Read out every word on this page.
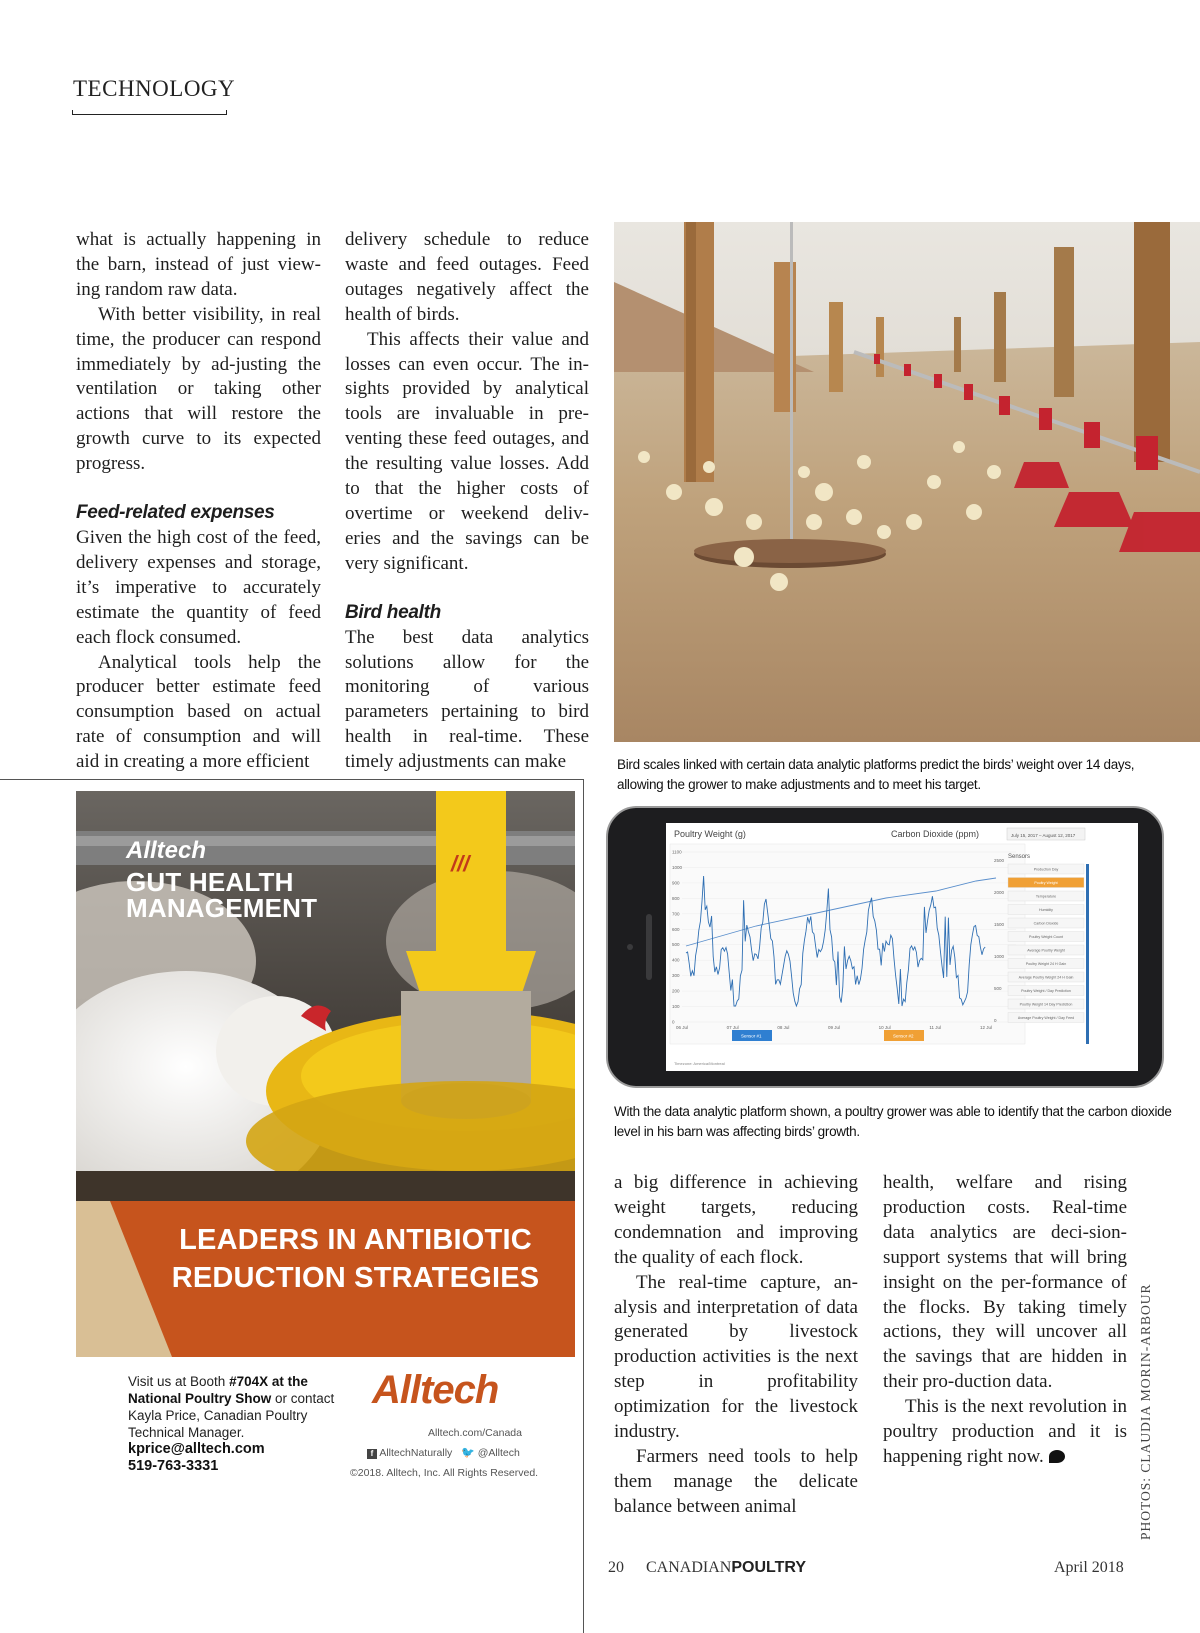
TECHNOLOGY

what is actually happening in the barn, instead of just view-ing random raw data.

With better visibility, in real time, the producer can respond immediately by ad-justing the ventilation or taking other actions that will restore the growth curve to its expected progress.

Feed-related expenses

Given the high cost of the feed, delivery expenses and storage, it’s imperative to accurately estimate the quantity of feed each flock consumed.

Analytical tools help the producer better estimate feed consumption based on actual rate of consumption and will aid in creating a more efficient

delivery schedule to reduce waste and feed outages. Feed outages negatively affect the health of birds.

This affects their value and losses can even occur. The in-sights provided by analytical tools are invaluable in pre-venting these feed outages, and the resulting value losses. Add to that the higher costs of overtime or weekend deliv-eries and the savings can be very significant.

Bird health

The best data analytics solutions allow for the monitoring of various parameters pertaining to bird health in real-time. These timely adjustments can make	Bird scales linked with certain data analytic platforms predict the birds’ weight over 14 days, allowing the grower to make adjustments and to meet his target.
Poultry Weight (g)	Carbon Dioxide (ppm)	July 15, 2017 – August 12, 2017
1100
1000
900
800
700
600
500
400
300
200
100
0
2500
2000
1500
1000
500
0
06 Jul	07 Jul	08 Jul	09 Jul	10 Jul	11 Jul	12 Jul
Sensor #1	Sensor #2
Timezone: America/Montreal
Sensors
Production Day
Poultry Weight
Temperature
Humidity
Carbon Dioxide
Poultry Weight Count
Average Poultry Weight
Poultry Weight 24 H Gain
Average Poultry Weight 24 H Gain
Poultry Weight / Day Prediction
Poultry Weight 14 Day Prediction
Average Poultry Weight / Day Feed
With the data analytic platform shown, a poultry grower was able to identify that the carbon dioxide level in his barn was affecting birds’ growth.
///
Alltech
GUT HEALTH
MANAGEMENT
LEADERS IN ANTIBIOTIC
REDUCTION STRATEGIES
Visit us at Booth #704X at the National Poultry Show or contact Kayla Price, Canadian Poultry Technical Manager.
kprice@alltech.com
519-763-3331
Alltech
Alltech.com/Canada
f AlltechNaturally 🐦 @Alltech
©2018. Alltech, Inc. All Rights Reserved.

a big difference in achieving weight targets, reducing condemnation and improving the quality of each flock.

The real-time capture, an-alysis and interpretation of data generated by livestock production activities is the next step in profitability optimization for the livestock industry.

Farmers need tools to help them manage the delicate balance between animal

health, welfare and rising production costs. Real-time data analytics are deci-sion-support systems that will bring insight on the per-formance of the flocks. By taking timely actions, they will uncover all the savings that are hidden in their pro-duction data.

This is the next revolution in poultry production and it is happening right now.	PHOTOS: CLAUDIA MORIN-ARBOUR
20 CANADIANPOULTRY	April 2018
